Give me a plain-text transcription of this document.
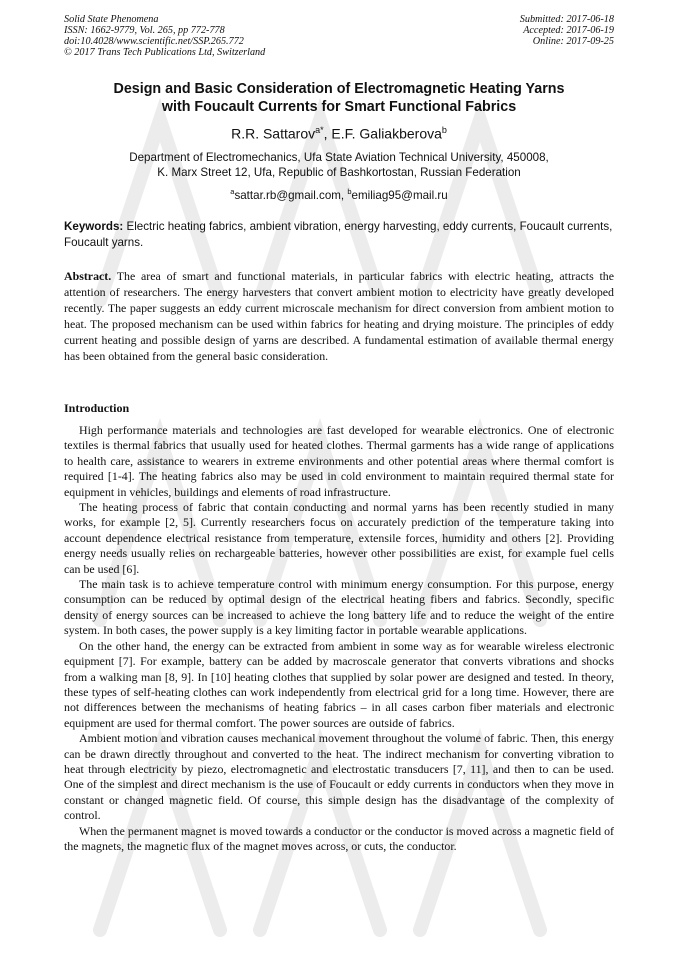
Solid State Phenomena
ISSN: 1662-9779, Vol. 265, pp 772-778
doi:10.4028/www.scientific.net/SSP.265.772
© 2017 Trans Tech Publications Ltd, Switzerland
Submitted: 2017-06-18
Accepted: 2017-06-19
Online: 2017-09-25
Design and Basic Consideration of Electromagnetic Heating Yarns
with Foucault Currents for Smart Functional Fabrics
R.R. Sattarov$^{a*}$, E.F. Galiakberova$^b$
Department of Electromechanics, Ufa State Aviation Technical University, 450008,
K. Marx Street 12, Ufa, Republic of Bashkortostan, Russian Federation
$^a$sattar.rb@gmail.com, $^b$emiliag95@mail.ru
Keywords: Electric heating fabrics, ambient vibration, energy harvesting, eddy currents, Foucault currents, Foucault yarns.

Abstract. The area of smart and functional materials, in particular fabrics with electric heating, attracts the attention of researchers. The energy harvesters that convert ambient motion to electricity have greatly developed recently. The paper suggests an eddy current microscale mechanism for direct conversion from ambient motion to heat. The proposed mechanism can be used within fabrics for heating and drying moisture. The principles of eddy current heating and possible design of yarns are described. A fundamental estimation of available thermal energy has been obtained from the general basic consideration.

Introduction

High performance materials and technologies are fast developed for wearable electronics. One of electronic textiles is thermal fabrics that usually used for heated clothes. Thermal garments has a wide range of applications to health care, assistance to wearers in extreme environments and other potential areas where thermal comfort is required [1-4]. The heating fabrics also may be used in cold environment to maintain required thermal state for equipment in vehicles, buildings and elements of road infrastructure.

The heating process of fabric that contain conducting and normal yarns has been recently studied in many works, for example [2, 5]. Currently researchers focus on accurately prediction of the temperature taking into account dependence electrical resistance from temperature, extensile forces, humidity and others [2]. Providing energy needs usually relies on rechargeable batteries, however other possibilities are exist, for example fuel cells can be used [6].

The main task is to achieve temperature control with minimum energy consumption. For this purpose, energy consumption can be reduced by optimal design of the electrical heating fibers and fabrics. Secondly, specific density of energy sources can be increased to achieve the long battery life and to reduce the weight of the entire system. In both cases, the power supply is a key limiting factor in portable wearable applications.

On the other hand, the energy can be extracted from ambient in some way as for wearable wireless electronic equipment [7]. For example, battery can be added by macroscale generator that converts vibrations and shocks from a walking man [8, 9]. In [10] heating clothes that supplied by solar power are designed and tested. In theory, these types of self-heating clothes can work independently from electrical grid for a long time. However, there are not differences between the mechanisms of heating fabrics – in all cases carbon fiber materials and electronic equipment are used for thermal comfort. The power sources are outside of fabrics.

Ambient motion and vibration causes mechanical movement throughout the volume of fabric. Then, this energy can be drawn directly throughout and converted to the heat. The indirect mechanism for converting vibration to heat through electricity by piezo, electromagnetic and electrostatic transducers [7, 11], and then to can be used. One of the simplest and direct mechanism is the use of Foucault or eddy currents in conductors when they move in constant or changed magnetic field. Of course, this simple design has the disadvantage of the complexity of control.

When the permanent magnet is moved towards a conductor or the conductor is moved across a magnetic field of the magnets, the magnetic flux of the magnet moves across, or cuts, the conductor.
